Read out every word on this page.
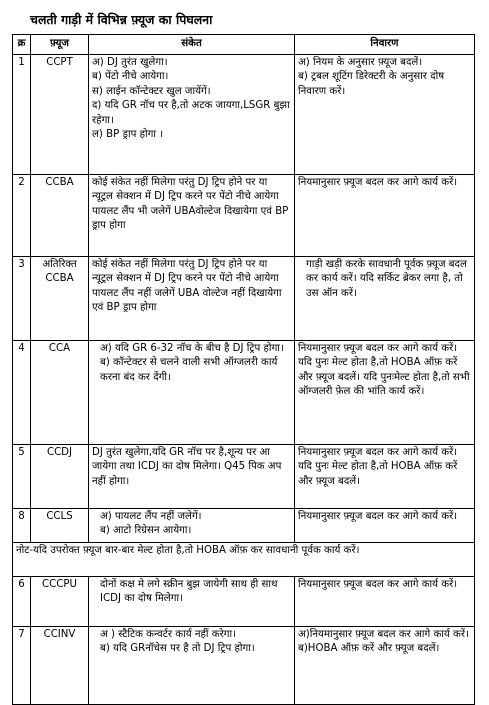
चलती गाड़ी में विभिन्न फ़्यूज का पिघलना
क्र	फ़्यूज	संकेत	निवारण
1	CCPT	अ) DJ तुरंत खुलेगा।
ब) पेंटो नीचे आयेगा।
स) लाईन कॉन्टेक्टर खुल जायेंगें।
द) यदि GR नॉच पर है,तो अटक जायगा,LSGR बुझा रहेगा।
ल) BP ड्राप होगा ।	अ) नियम के अनुसार फ़्यूज बदलें।
ब) ट्रबल शूटिंग डिरेक्टरी के अनुसार दोष निवारण करें।

2	CCBA	कोई संकेत नहीं मिलेगा परंतु DJ ट्रिप होने पर या न्यूट्रल सेक्शन में DJ ट्रिप करने पर पेंटो नीचे आयेगा पायलट लैंप भी जलेगें UBAवोल्टेज दिखायेगा एवं BP ड्राप होगा	नियमानुसार फ़्यूज बदल कर आगे कार्य करें।

3	अतिरिक्त CCBA	कोई संकेत नहीं मिलेगा परंतु DJ ट्रिप होने पर या न्यूट्रल सेक्शन में DJ ट्रिप करने पर पेंटो नीचे आयेगा पायलट लैंप नहीं जलेगें UBA वोल्टेज नहीं दिखायेगा एवं BP ड्राप होगा	गाड़ी खड़ी करके सावधानी पूर्वक फ़्यूज बदल कर कार्य करें। यदि सर्किट ब्रेकर लगा है, तो उस ऑन करें।

4	CCA	अ) यदि GR 6-32 नॉच के बीच है DJ ट्रिप होगा।
ब) कॉन्टेक्टर से चलने वाली सभी ऑग्जलरी कार्य करना बंद कर देंगी।	नियमानुसार फ़्यूज बदल कर आगे कार्य करें।यदि पुनः मेल्ट होता है,तो HOBA ऑफ़ करें और फ़्यूज बदलें। यदि पुनःमेल्ट होता है,तो सभी ऑग्जलरी फ़ेल की भांति कार्य करें।

5	CCDJ	DJ तुरंत खुलेगा,यदि GR नॉच पर है,शून्य पर आ जायेगा तथा ICDJ का दोष मिलेगा। Q45 पिक अप नहीं होगा।	नियमानुसार फ़्यूज बदल कर आगे कार्य करें। यदि पुनः मेल्ट होता है,तो HOBA ऑफ़ करें और फ़्यूज बदलें।

8	CCLS	अ) पायलट लैंप नहीं जलेगें।
ब) आटो रिग्रेसन आयेगा।	नियमानुसार फ़्यूज बदल कर आगे कार्य करें।

नोट-यदि उपरोक्त फ़्यूज बार-बार मेल्ट होता है,तो HOBA ऑफ़ कर सावधानी पूर्वक कार्य करें।			
6	CCCPU	दोनों कक्ष मे लगे स्क्रीन बुझ जायेगी साथ ही साथ ICDJ का दोष मिलेगा।	नियमानुसार फ़्यूज बदल कर आगे कार्य करें।

7	CCINV	अ ) स्टैटिक कन्वर्टर कार्य नहीं करेगा।
ब) यदि GRनॉचेस पर है तो DJ ट्रिप होगा।	अ)नियमानुसार फ़्यूज बदल कर आगे कार्य करें। ब)HOBA ऑफ़ करें और फ़्यूज बदलें।
